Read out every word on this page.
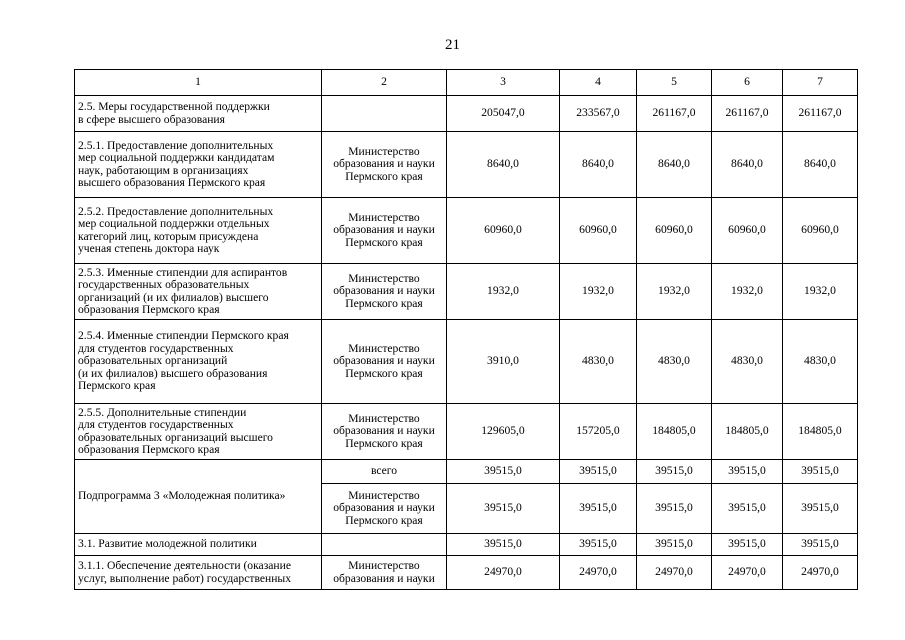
21
1	2	3	4	5	6	7
2.5. Меры государственной поддержки
в сфере высшего образования		205047,0	233567,0	261167,0	261167,0	261167,0
2.5.1. Предоставление дополнительных
мер социальной поддержки кандидатам
наук, работающим в организациях
высшего образования Пермского края	Министерство
образования и науки
Пермского края	8640,0	8640,0	8640,0	8640,0	8640,0
2.5.2. Предоставление дополнительных
мер социальной поддержки отдельных
категорий лиц, которым присуждена
ученая степень доктора наук	Министерство
образования и науки
Пермского края	60960,0	60960,0	60960,0	60960,0	60960,0
2.5.3. Именные стипендии для аспирантов
государственных образовательных
организаций (и их филиалов) высшего
образования Пермского края	Министерство
образования и науки
Пермского края	1932,0	1932,0	1932,0	1932,0	1932,0
2.5.4. Именные стипендии Пермского края
для студентов государственных
образовательных организаций
(и их филиалов) высшего образования
Пермского края	Министерство
образования и науки
Пермского края	3910,0	4830,0	4830,0	4830,0	4830,0
2.5.5. Дополнительные стипендии
для студентов государственных
образовательных организаций высшего
образования Пермского края	Министерство
образования и науки
Пермского края	129605,0	157205,0	184805,0	184805,0	184805,0
Подпрограмма 3 «Молодежная политика»	всего	39515,0	39515,0	39515,0	39515,0	39515,0
	Министерство
образования и науки
Пермского края	39515,0	39515,0	39515,0	39515,0	39515,0
3.1. Развитие молодежной политики		39515,0	39515,0	39515,0	39515,0	39515,0
3.1.1. Обеспечение деятельности (оказание
услуг, выполнение работ) государственных	Министерство
образования и науки	24970,0	24970,0	24970,0	24970,0	24970,0
